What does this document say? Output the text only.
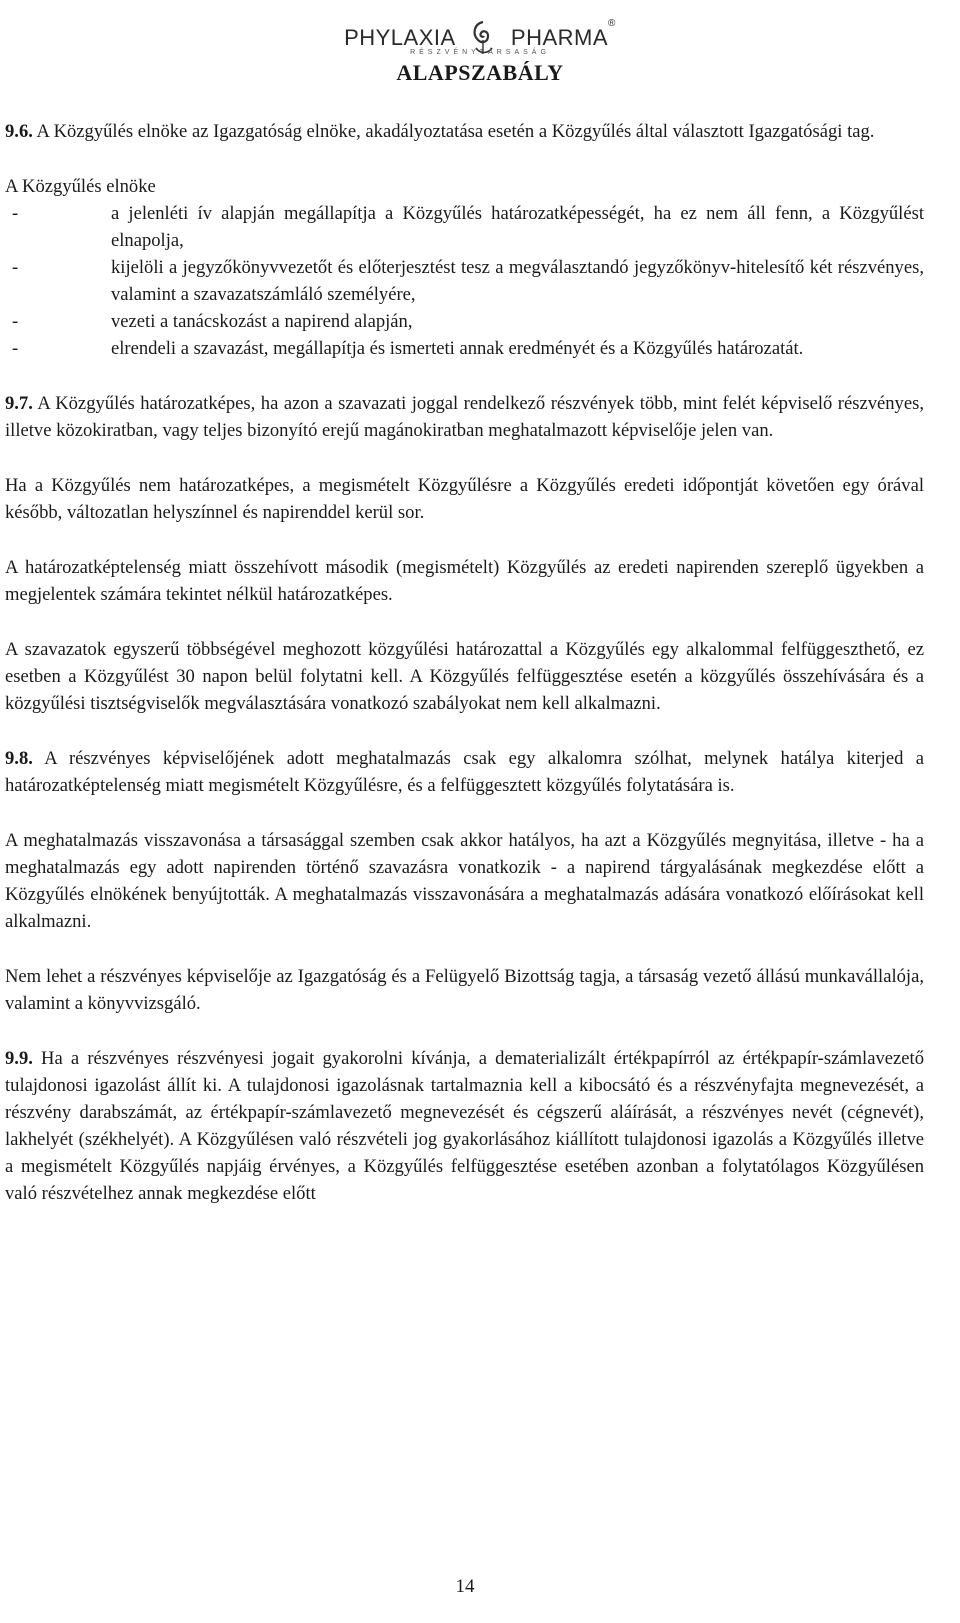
PHYLAXIA	PHARMA®
RÉSZVÉNYTÁRSASÁG
ALAPSZABÁLY

9.6. A Közgyűlés elnöke az Igazgatóság elnöke, akadályoztatása esetén a Közgyűlés által választott Igazgatósági tag.

A Közgyűlés elnöke

- a jelenléti ív alapján megállapítja a Közgyűlés határozatképességét, ha ez nem áll fenn, a Közgyűlést elnapolja,
- kijelöli a jegyzőkönyvvezetőt és előterjesztést tesz a megválasztandó jegyzőkönyv-hitelesítő két részvényes, valamint a szavazatszámláló személyére,
- vezeti a tanácskozást a napirend alapján,
- elrendeli a szavazást, megállapítja és ismerteti annak eredményét és a Közgyűlés határozatát.

9.7. A Közgyűlés határozatképes, ha azon a szavazati joggal rendelkező részvények több, mint felét képviselő részvényes, illetve közokiratban, vagy teljes bizonyító erejű magánokiratban meghatalmazott képviselője jelen van.

Ha a Közgyűlés nem határozatképes, a megismételt Közgyűlésre a Közgyűlés eredeti időpontját követően egy órával később, változatlan helyszínnel és napirenddel kerül sor.

A határozatképtelenség miatt összehívott második (megismételt) Közgyűlés az eredeti napirenden szereplő ügyekben a megjelentek számára tekintet nélkül határozatképes.

A szavazatok egyszerű többségével meghozott közgyűlési határozattal a Közgyűlés egy alkalommal felfüggeszthető, ez esetben a Közgyűlést 30 napon belül folytatni kell. A Közgyűlés felfüggesztése esetén a közgyűlés összehívására és a közgyűlési tisztségviselők megválasztására vonatkozó szabályokat nem kell alkalmazni.

9.8. A részvényes képviselőjének adott meghatalmazás csak egy alkalomra szólhat, melynek hatálya kiterjed a határozatképtelenség miatt megismételt Közgyűlésre, és a felfüggesztett közgyűlés folytatására is.

A meghatalmazás visszavonása a társasággal szemben csak akkor hatályos, ha azt a Közgyűlés megnyitása, illetve - ha a meghatalmazás egy adott napirenden történő szavazásra vonatkozik - a napirend tárgyalásának megkezdése előtt a Közgyűlés elnökének benyújtották. A meghatalmazás visszavonására a meghatalmazás adására vonatkozó előírásokat kell alkalmazni.

Nem lehet a részvényes képviselője az Igazgatóság és a Felügyelő Bizottság tagja, a társaság vezető állású munkavállalója, valamint a könyvvizsgáló.

9.9. Ha a részvényes részvényesi jogait gyakorolni kívánja, a dematerializált értékpapírról az értékpapír-számlavezető tulajdonosi igazolást állít ki. A tulajdonosi igazolásnak tartalmaznia kell a kibocsátó és a részvényfajta megnevezését, a részvény darabszámát, az értékpapír-számlavezető megnevezését és cégszerű aláírását, a részvényes nevét (cégnevét), lakhelyét (székhelyét). A Közgyűlésen való részvételi jog gyakorlásához kiállított tulajdonosi igazolás a Közgyűlés illetve a megismételt Közgyűlés napjáig érvényes, a Közgyűlés felfüggesztése esetében azonban a folytatólagos Közgyűlésen való részvételhez annak megkezdése előtt

14
